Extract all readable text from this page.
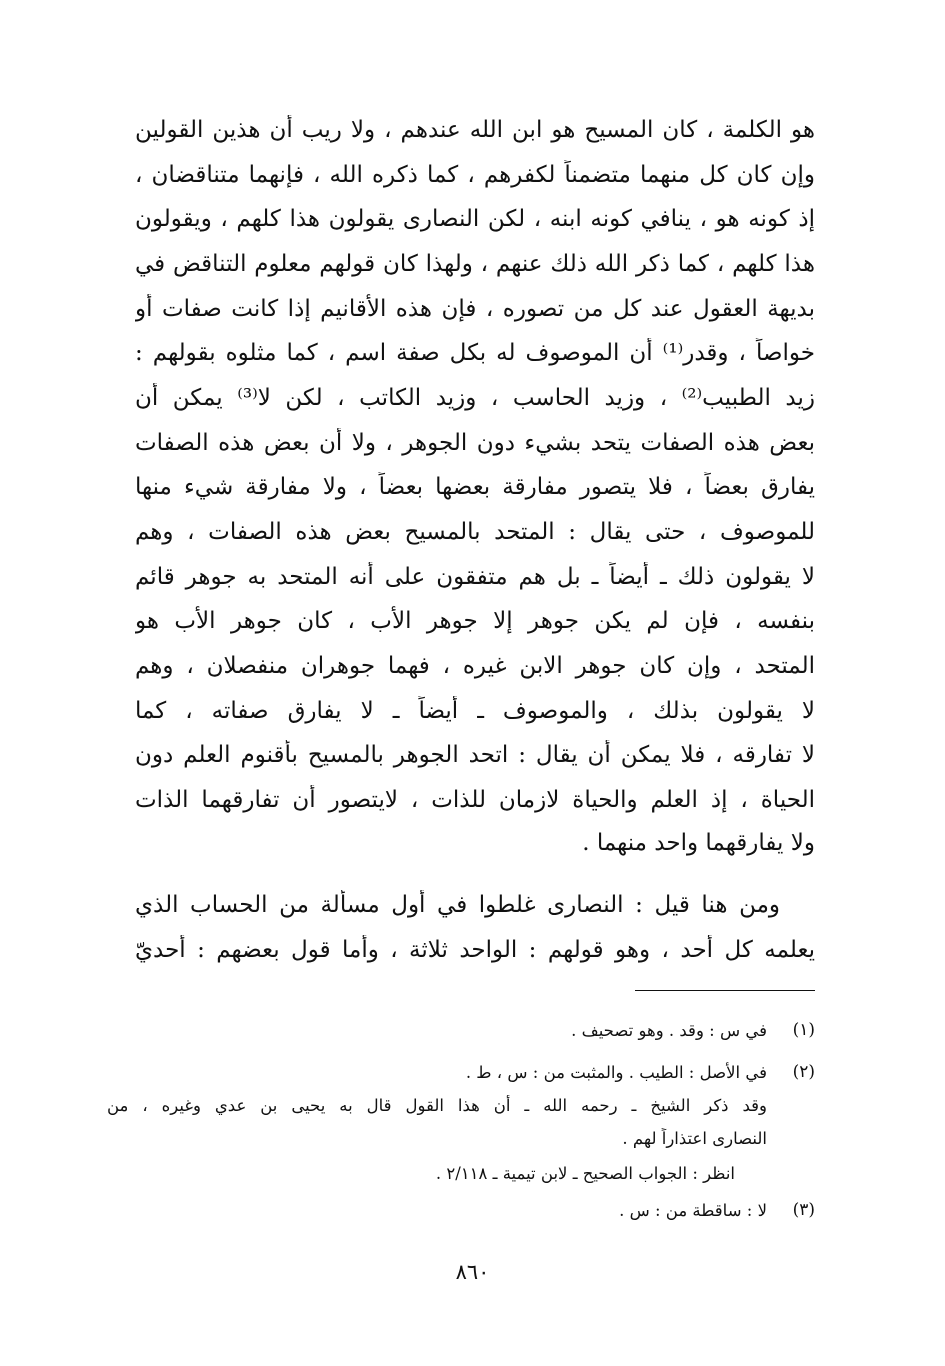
هو الكلمة ، كان المسيح هو ابن الله عندهم ، ولا ريب أن هذين القولين
وإن كان كل منهما متضمناً لكفرهم ، كما ذكره الله ، فإنهما متناقضان ،
إذ كونه هو ، ينافي كونه ابنه ، لكن النصارى يقولون هذا كلهم ، ويقولون
هذا كلهم ، كما ذكر الله ذلك عنهم ، ولهذا كان قولهم معلوم التناقض في
بديهة العقول عند كل من تصوره ، فإن هذه الأقانيم إذا كانت صفات أو
خواصاً ، وقدر⁽¹⁾ أن الموصوف له بكل صفة اسم ، كما مثلوه بقولهم :
زيد الطبيب⁽²⁾ ، وزيد الحاسب ، وزيد الكاتب ، لكن لا⁽³⁾ يمكن أن
بعض هذه الصفات يتحد بشيء دون الجوهر ، ولا أن بعض هذه الصفات
يفارق بعضاً ، فلا يتصور مفارقة بعضها بعضاً ، ولا مفارقة شيء منها
للموصوف ، حتى يقال : المتحد بالمسيح بعض هذه الصفات ، وهم
لا يقولون ذلك ـ أيضاً ـ بل هم متفقون على أنه المتحد به جوهر قائم
بنفسه ، فإن لم يكن جوهر إلا جوهر الأب ، كان جوهر الأب هو
المتحد ، وإن كان جوهر الابن غيره ، فهما جوهران منفصلان ، وهم
لا يقولون بذلك ، والموصوف ـ أيضاً ـ لا يفارق صفاته ، كما
لا تفارقه ، فلا يمكن أن يقال : اتحد الجوهر بالمسيح بأقنوم العلم دون
الحياة ، إذ العلم والحياة لازمان للذات ، لايتصور أن تفارقهما الذات
ولا يفارقهما واحد منهما .
ومن هنا قيل : النصارى غلطوا في أول مسألة من الحساب الذي
يعلمه كل أحد ، وهو قولهم : الواحد ثلاثة ، وأما قول بعضهم : أحديّ
(١)
في س : وقد . وهو تصحيف .
(٢)
في الأصل : الطيب . والمثبت من : س ، ط .
وقد ذكر الشيخ ـ رحمه الله ـ أن هذا القول قال به يحيى بن عدي وغيره ، من
النصارى اعتذاراً لهم .
انظر : الجواب الصحيح ـ لابن تيمية ـ ٢/١١٨ .
(٣)
لا : ساقطة من : س .
٨٦٠
